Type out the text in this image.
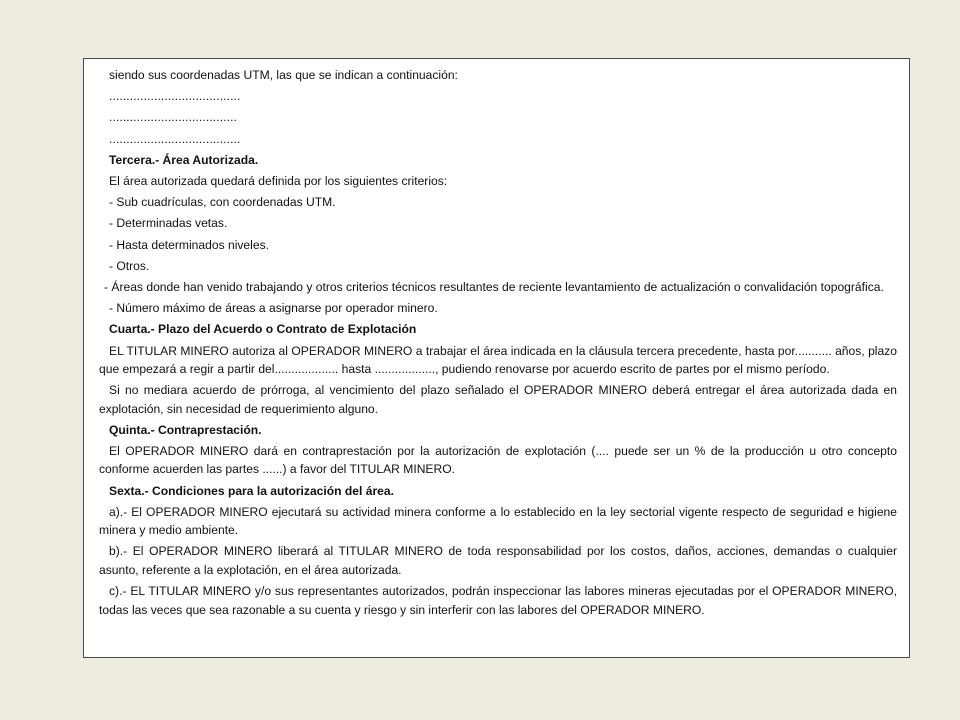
siendo sus coordenadas UTM, las que se indican a continuación:

......................................

.....................................

......................................

Tercera.- Área Autorizada.

El área autorizada quedará definida por los siguientes criterios:

- Sub cuadrículas, con coordenadas UTM.

- Determinadas vetas.

- Hasta determinados niveles.

- Otros.

- Áreas donde han venido trabajando y otros criterios técnicos resultantes de reciente levantamiento de actualización o convalidación topográfica.

- Número máximo de áreas a asignarse por operador minero.

Cuarta.- Plazo del Acuerdo o Contrato de Explotación

EL TITULAR MINERO autoriza al OPERADOR MINERO a trabajar el área indicada en la cláusula tercera precedente, hasta por........... años, plazo que empezará a regir a partir del................... hasta .................., pudiendo renovarse por acuerdo escrito de partes por el mismo período.

Si no mediara acuerdo de prórroga, al vencimiento del plazo señalado el OPERADOR MINERO deberá entregar el área autorizada dada en explotación, sin necesidad de requerimiento alguno.

Quinta.- Contraprestación.

El OPERADOR MINERO dará en contraprestación por la autorización de explotación (.... puede ser un % de la producción u otro concepto conforme acuerden las partes ......) a favor del TITULAR MINERO.

Sexta.- Condiciones para la autorización del área.

a).- El OPERADOR MINERO ejecutará su actividad minera conforme a lo establecido en la ley sectorial vigente respecto de seguridad e higiene minera y medio ambiente.

b).- El OPERADOR MINERO liberará al TITULAR MINERO de toda responsabilidad por los costos, daños, acciones, demandas o cualquier asunto, referente a la explotación, en el área autorizada.

c).- EL TITULAR MINERO y/o sus representantes autorizados, podrán inspeccionar las labores mineras ejecutadas por el OPERADOR MINERO, todas las veces que sea razonable a su cuenta y riesgo y sin interferir con las labores del OPERADOR MINERO.
